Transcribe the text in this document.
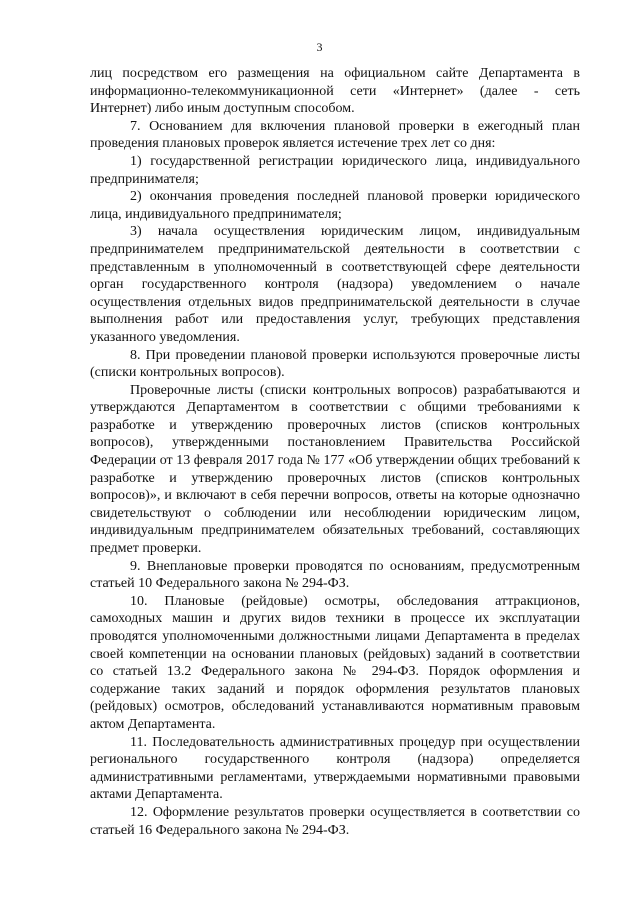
3

лиц посредством его размещения на официальном сайте Департамента в информационно-телекоммуникационной сети «Интернет» (далее - сеть Интернет) либо иным доступным способом.

7. Основанием для включения плановой проверки в ежегодный план проведения плановых проверок является истечение трех лет со дня:

1) государственной регистрации юридического лица, индивидуального предпринимателя;

2) окончания проведения последней плановой проверки юридического лица, индивидуального предпринимателя;

3) начала осуществления юридическим лицом, индивидуальным предпринимателем предпринимательской деятельности в соответствии с представленным в уполномоченный в соответствующей сфере деятельности орган государственного контроля (надзора) уведомлением о начале осуществления отдельных видов предпринимательской деятельности в случае выполнения работ или предоставления услуг, требующих представления указанного уведомления.

8. При проведении плановой проверки используются проверочные листы (списки контрольных вопросов).

Проверочные листы (списки контрольных вопросов) разрабатываются и утверждаются Департаментом в соответствии с общими требованиями к разработке и утверждению проверочных листов (списков контрольных вопросов), утвержденными постановлением Правительства Российской Федерации от 13 февраля 2017 года № 177 «Об утверждении общих требований к разработке и утверждению проверочных листов (списков контрольных вопросов)», и включают в себя перечни вопросов, ответы на которые однозначно свидетельствуют о соблюдении или несоблюдении юридическим лицом, индивидуальным предпринимателем обязательных требований, составляющих предмет проверки.

9. Внеплановые проверки проводятся по основаниям, предусмотренным статьей 10 Федерального закона № 294-ФЗ.

10. Плановые (рейдовые) осмотры, обследования аттракционов, самоходных машин и других видов техники в процессе их эксплуатации проводятся уполномоченными должностными лицами Департамента в пределах своей компетенции на основании плановых (рейдовых) заданий в соответствии со статьей 13.2 Федерального закона № 294-ФЗ. Порядок оформления и содержание таких заданий и порядок оформления результатов плановых (рейдовых) осмотров, обследований устанавливаются нормативным правовым актом Департамента.

11. Последовательность административных процедур при осуществлении регионального государственного контроля (надзора) определяется административными регламентами, утверждаемыми нормативными правовыми актами Департамента.

12. Оформление результатов проверки осуществляется в соответствии со статьей 16 Федерального закона № 294-ФЗ.
